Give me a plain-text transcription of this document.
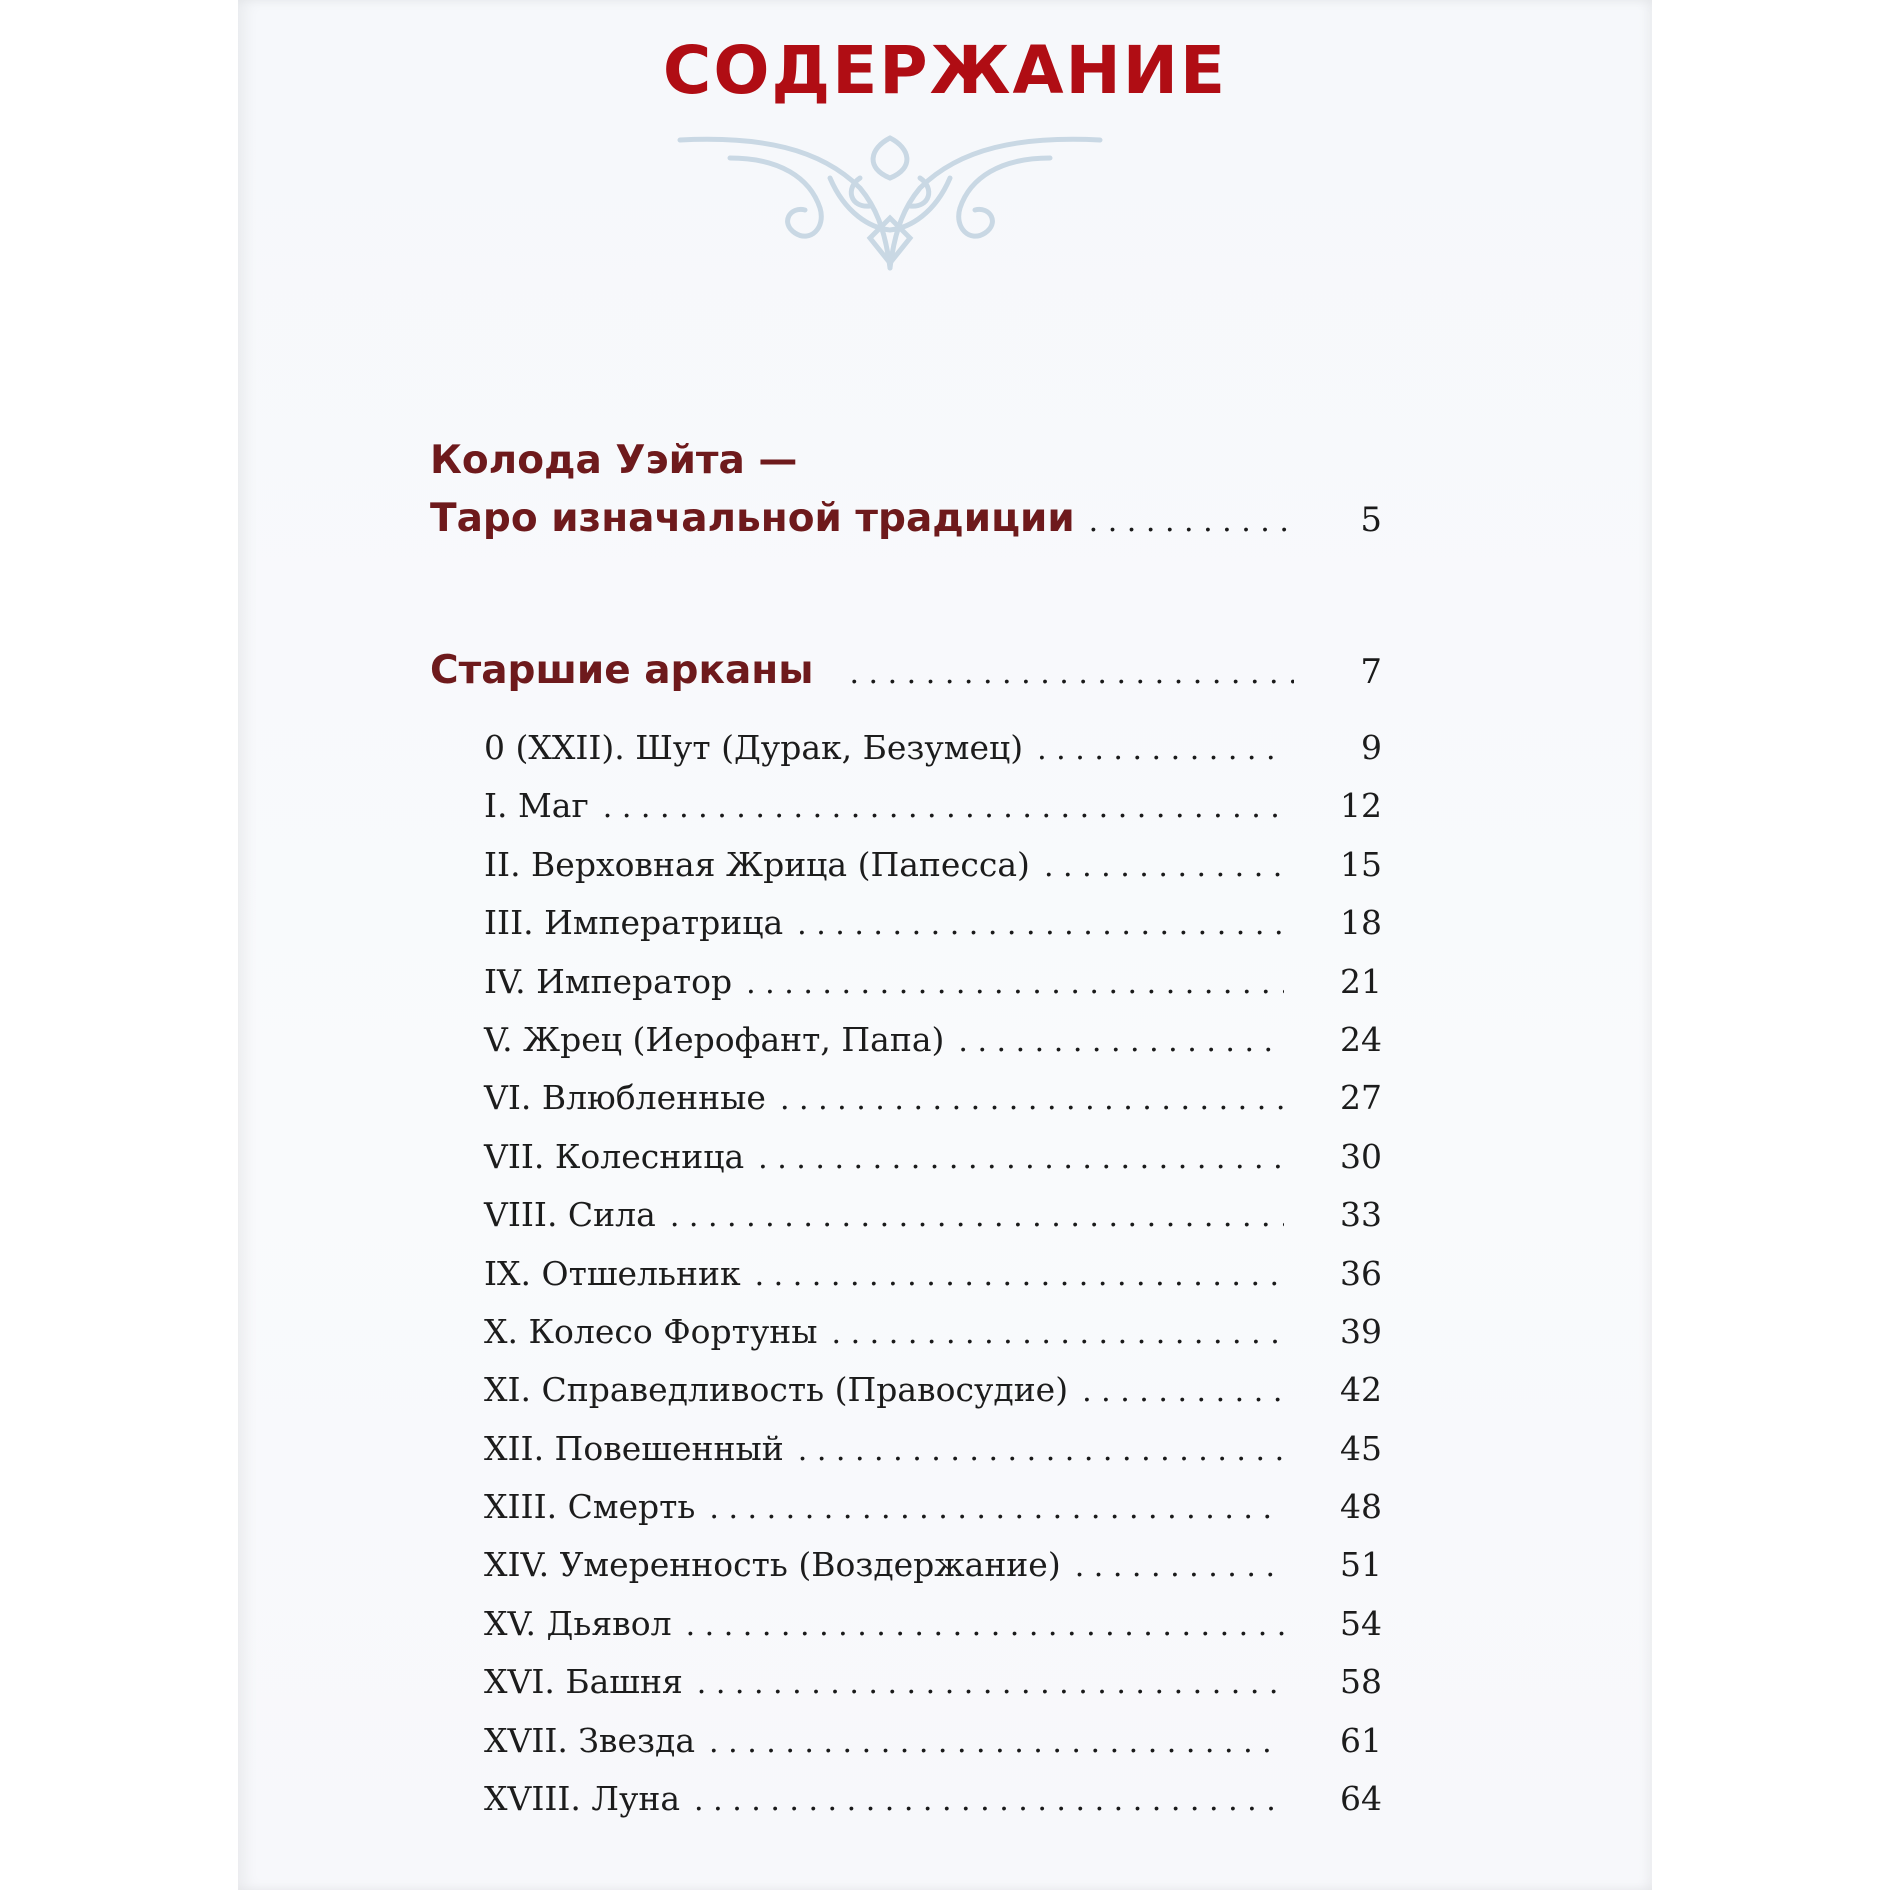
СОДЕРЖАНИЕ
Колода Уэйта —
Таро изначальной традиции . . .	5
Старшие арканы . . .	7
0 (XXII). Шут (Дурак, Безумец) . . .	9
I. Маг . . .	12
II. Верховная Жрица (Папесса) . . .	15
III. Императрица . . .	18
IV. Император . . .	21
V. Жрец (Иерофант, Папа) . . .	24
VI. Влюбленные . . .	27
VII. Колесница . . .	30
VIII. Сила . . .	33
IX. Отшельник . . .	36
X. Колесо Фортуны . . .	39
XI. Справедливость (Правосудие) . . .	42
XII. Повешенный . . .	45
XIII. Смерть . . .	48
XIV. Умеренность (Воздержание) . . .	51
XV. Дьявол . . .	54
XVI. Башня . . .	58
XVII. Звезда . . .	61
XVIII. Луна . . .	64
